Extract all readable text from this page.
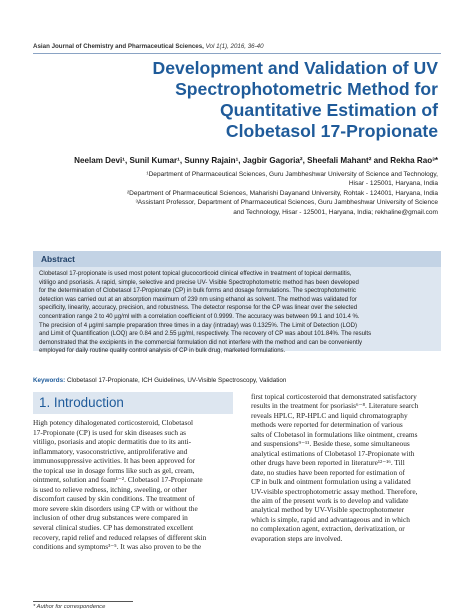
Asian Journal of Chemistry and Pharmaceutical Sciences, Vol 1(1), 2016, 36-40
Development and Validation of UV
Spectrophotometric Method for
Quantitative Estimation of
Clobetasol 17-Propionate
Neelam Devi¹, Sunil Kumar¹, Sunny Rajain¹, Jagbir Gagoria², Sheefali Mahant² and Rekha Rao³*
¹Department of Pharmaceutical Sciences, Guru Jambheshwar University of Science and Technology,
Hisar - 125001, Haryana, India
²Department of Pharmaceutical Sciences, Maharishi Dayanand University, Rohtak - 124001, Haryana, India
³Assistant Professor, Department of Pharmaceutical Sciences, Guru Jambheshwar University of Science
and Technology, Hisar - 125001, Haryana, India; rekhaline@gmail.com
Abstract
Clobetasol 17-propionate is used most potent topical glucocorticoid clinical effective in treatment of topical dermatitis,
vitiligo and psoriasis. A rapid, simple, selective and precise UV- Visible Spectrophotometric method has been developed
for the determination of Clobetasol 17-Propionate (CP) in bulk forms and dosage formulations. The spectrophotometric
detection was carried out at an absorption maximum of 239 nm using ethanol as solvent. The method was validated for
specificity, linearity, accuracy, precision, and robustness. The detector response for the CP was linear over the selected
concentration range 2 to 40 µg/ml with a correlation coefficient of 0.9999. The accuracy was between 99.1 and 101.4 %.
The precision of 4 µg/ml sample preparation three times in a day (intraday) was 0.1325%. The Limit of Detection (LOD)
and Limit of Quantification (LOQ) are 0.84 and 2.55 µg/ml, respectively. The recovery of CP was about 101.84%. The results
demonstrated that the excipients in the commercial formulation did not interfere with the method and can be conveniently
employed for daily routine quality control analysis of CP in bulk drug, marketed formulations.
Keywords: Clobetasol 17-Propionate, ICH Guidelines, UV-Visible Spectroscopy, Validation
1. Introduction
High potency dihalogenated corticosteroid, Clobetasol
17-Propionate (CP) is used for skin diseases such as
vitiligo, psoriasis and atopic dermatitis due to its anti-
inflammatory, vasoconstrictive, antiproliferative and
immunosuppressive activities. It has been approved for
the topical use in dosage forms like such as gel, cream,
ointment, solution and foam¹⁻². Clobetasol 17-Propionate
is used to relieve redness, itching, sweeling, or other
discomfort caused by skin conditions. The treatment of
more severe skin disorders using CP with or without the
inclusion of other drug substances were compared in
several clinical studies. CP has demonstrated excellent
recovery, rapid relief and reduced relapses of different skin
conditions and symptoms³⁻⁵. It was also proven to be the
first topical corticosteroid that demonstrated satisfactory
results in the treatment for psoriasis⁶⁻⁸. Literature search
reveals HPLC, RP-HPLC and liquid chromatography
methods were reported for determination of various
salts of Clobetasol in formulations like ointment, creams
and suspensions⁹⁻¹¹. Beside these, some simultaneous
analytical estimations of Clobetasol 17-Propionate with
other drugs have been reported in literature¹²⁻¹⁶. Till
date, no studies have been reported for estimation of
CP in bulk and ointment formulation using a validated
UV-visible spectrophotometric assay method. Therefore,
the aim of the present work is to develop and validate
analytical method by UV-Visible spectrophotometer
which is simple, rapid and advantageous and in which
no complexation agent, extraction, derivatization, or
evaporation steps are involved.
* Author for correspondence
